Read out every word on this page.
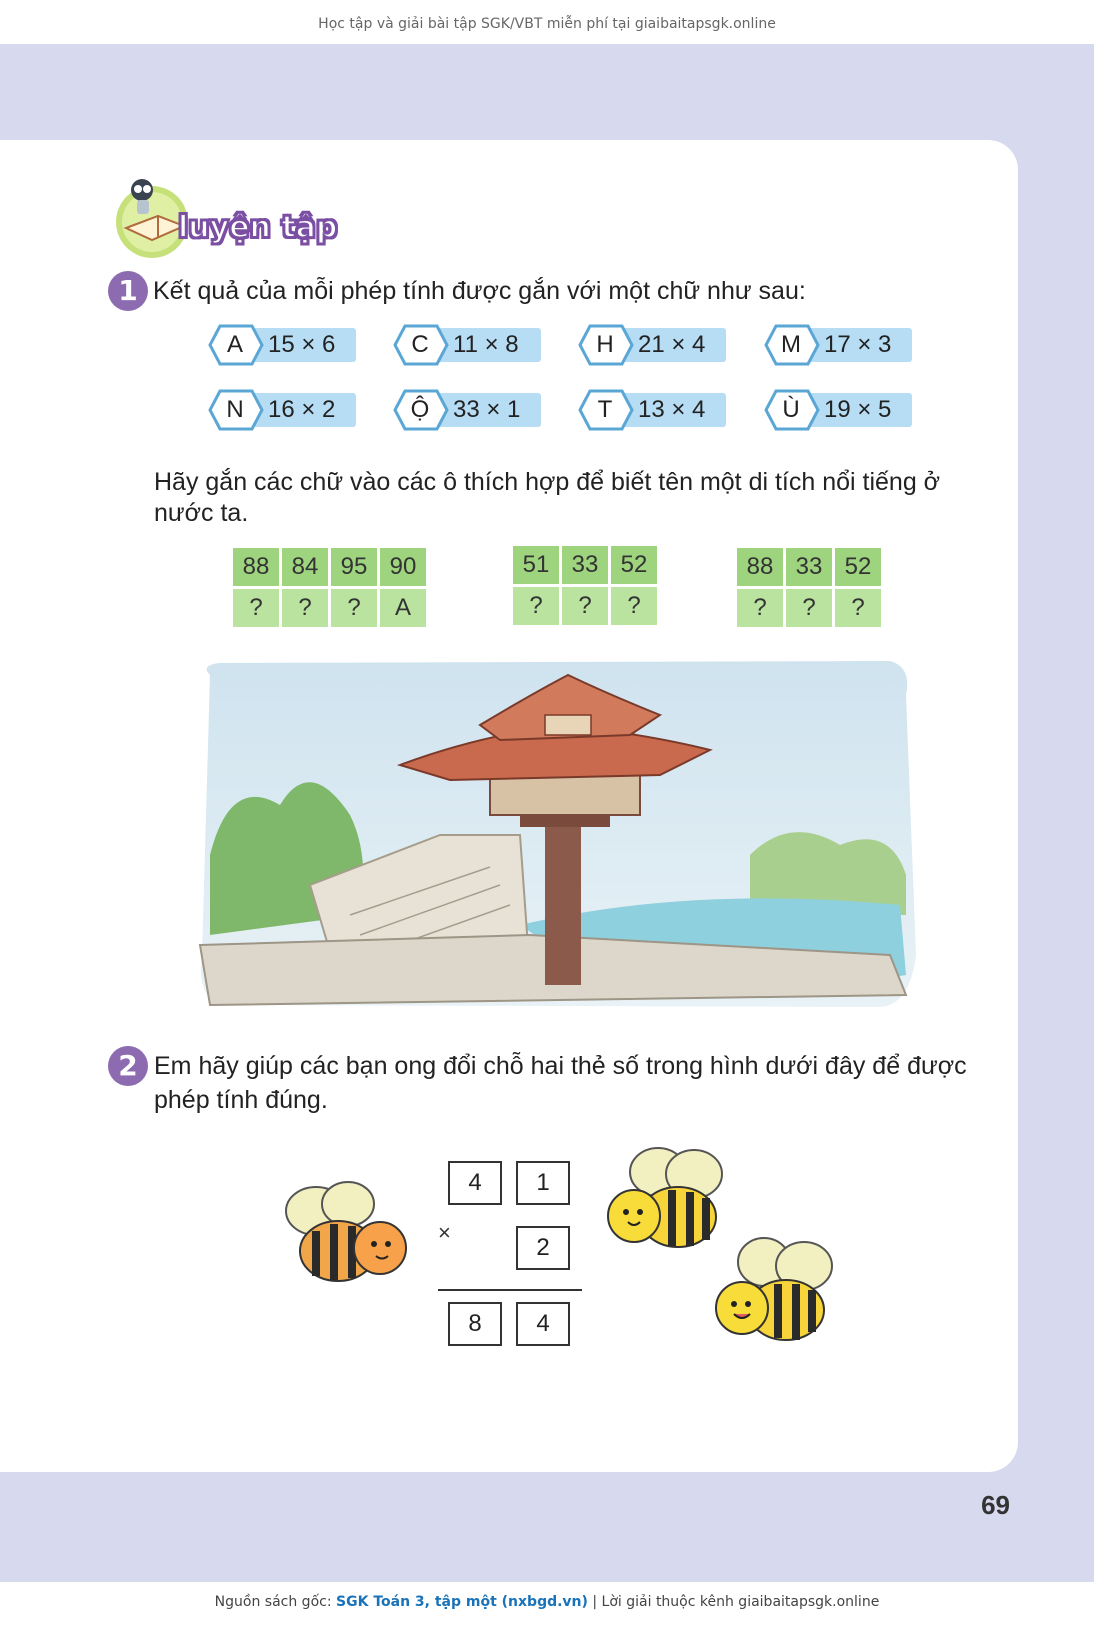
Học tập và giải bài tập SGK/VBT miễn phí tại giaibaitapsgk.online
luyện tập
1 Kết quả của mỗi phép tính được gắn với một chữ như sau:
A	15 × 6	C	11 × 8	H	21 × 4	M 17 × 3
N	16 × 2	Ộ 33 × 1	T	13 × 4	Ù	19 × 5
Hãy gắn các chữ vào các ô thích hợp để biết tên một di tích nổi tiếng ở nước ta.
88 84 95 90
?	?	?	A
51 33 52
?	?	?
88 33 52
?	?	?
2 Em hãy giúp các bạn ong đổi chỗ hai thẻ số trong hình dưới đây để được
phép tính đúng.
4	1
×
2
8	4
69
Nguồn sách gốc: SGK Toán 3, tập một (nxbgd.vn) | Lời giải thuộc kênh giaibaitapsgk.online
